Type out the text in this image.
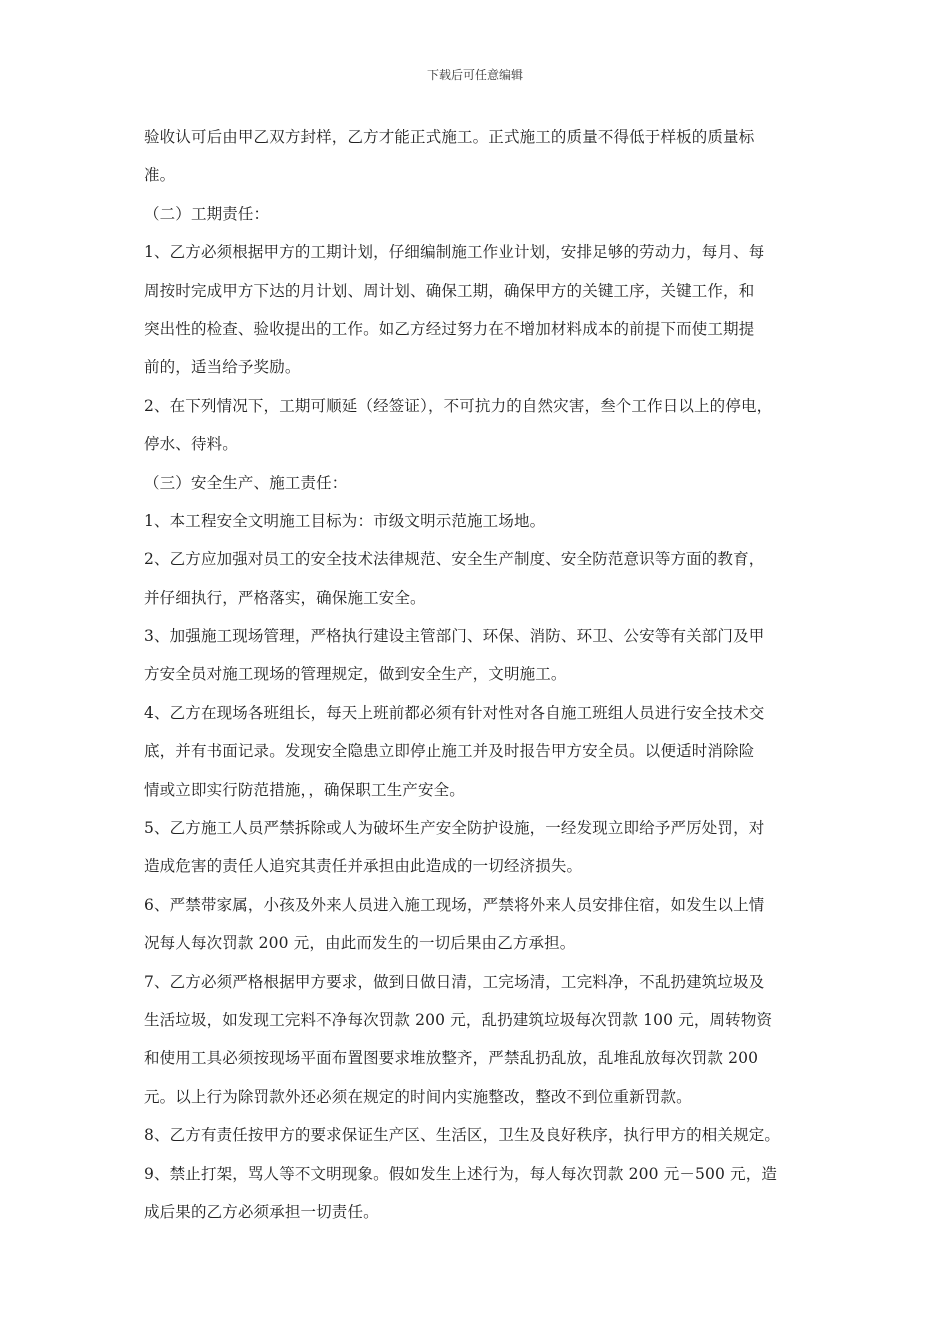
下载后可任意编辑
验收认可后由甲乙双方封样，乙方才能正式施工。正式施工的质量不得低于样板的质量标
准。
（二）工期责任：
1、乙方必须根据甲方的工期计划，仔细编制施工作业计划，安排足够的劳动力，每月、每
周按时完成甲方下达的月计划、周计划、确保工期，确保甲方的关键工序，关键工作，和
突出性的检查、验收提出的工作。如乙方经过努力在不增加材料成本的前提下而使工期提
前的，适当给予奖励。
2、在下列情况下，工期可顺延（经签证），不可抗力的自然灾害，叁个工作日以上的停电，
停水、待料。
（三）安全生产、施工责任：
1、本工程安全文明施工目标为：市级文明示范施工场地。
2、乙方应加强对员工的安全技术法律规范、安全生产制度、安全防范意识等方面的教育，
并仔细执行，严格落实，确保施工安全。
3、加强施工现场管理，严格执行建设主管部门、环保、消防、环卫、公安等有关部门及甲
方安全员对施工现场的管理规定，做到安全生产，文明施工。
4、乙方在现场各班组长，每天上班前都必须有针对性对各自施工班组人员进行安全技术交
底，并有书面记录。发现安全隐患立即停止施工并及时报告甲方安全员。以便适时消除险
情或立即实行防范措施，，确保职工生产安全。
5、乙方施工人员严禁拆除或人为破坏生产安全防护设施，一经发现立即给予严厉处罚，对
造成危害的责任人追究其责任并承担由此造成的一切经济损失。
6、严禁带家属，小孩及外来人员进入施工现场，严禁将外来人员安排住宿，如发生以上情
况每人每次罚款 200 元，由此而发生的一切后果由乙方承担。
7、乙方必须严格根据甲方要求，做到日做日清，工完场清，工完料净，不乱扔建筑垃圾及
生活垃圾，如发现工完料不净每次罚款 200 元，乱扔建筑垃圾每次罚款 100 元，周转物资
和使用工具必须按现场平面布置图要求堆放整齐，严禁乱扔乱放，乱堆乱放每次罚款 200
元。以上行为除罚款外还必须在规定的时间内实施整改，整改不到位重新罚款。
8、乙方有责任按甲方的要求保证生产区、生活区，卫生及良好秩序，执行甲方的相关规定。
9、禁止打架，骂人等不文明现象。假如发生上述行为，每人每次罚款 200 元－500 元，造
成后果的乙方必须承担一切责任。
